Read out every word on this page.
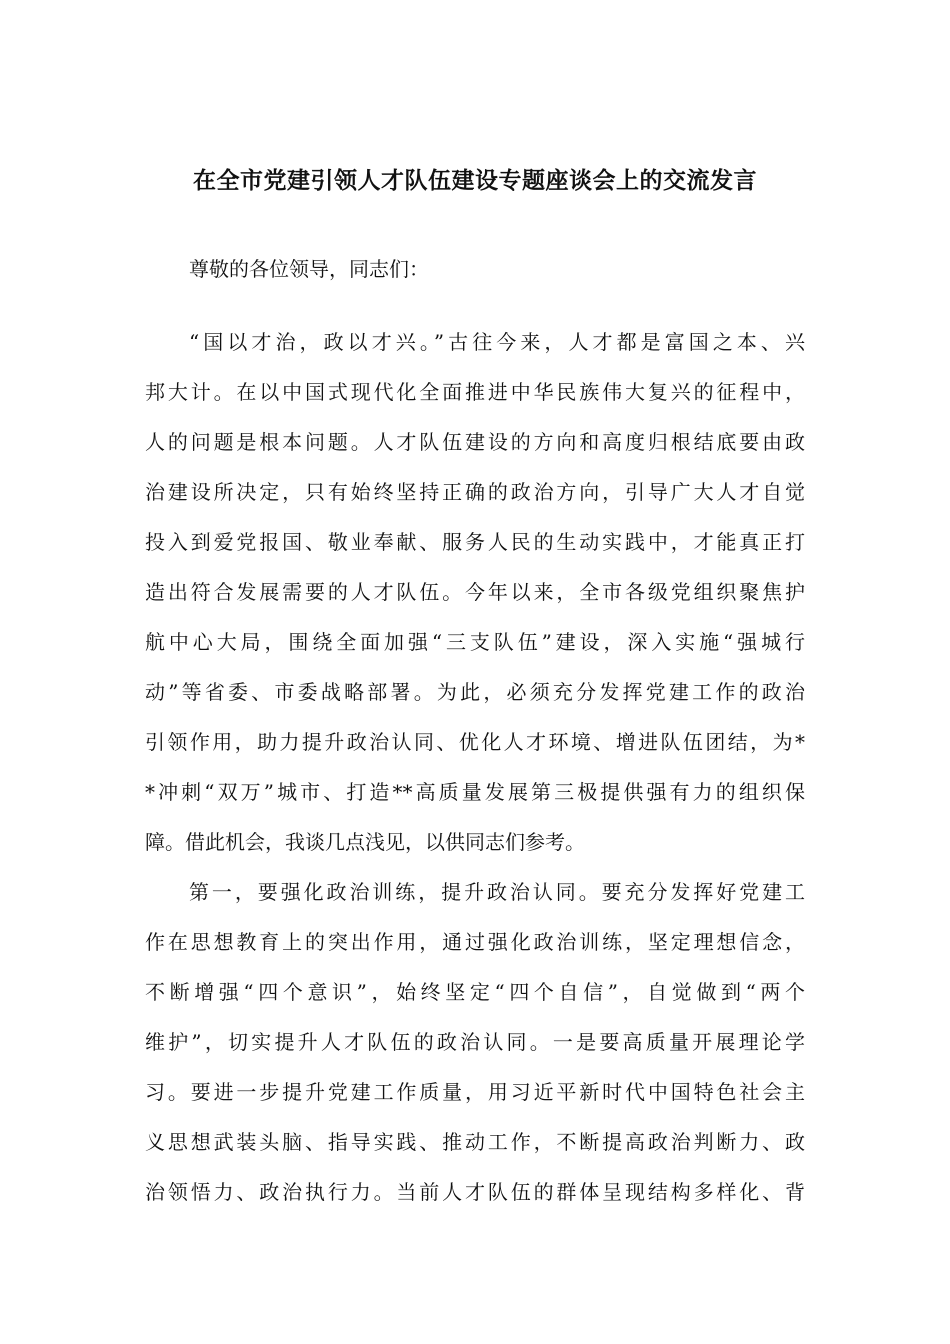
在全市党建引领人才队伍建设专题座谈会上的交流发言
尊敬的各位领导，同志们：
“国以才治，政以才兴。”古往今来，人才都是富国之本、兴
邦大计。在以中国式现代化全面推进中华民族伟大复兴的征程中，
人的问题是根本问题。人才队伍建设的方向和高度归根结底要由政
治建设所决定，只有始终坚持正确的政治方向，引导广大人才自觉
投入到爱党报国、敬业奉献、服务人民的生动实践中，才能真正打
造出符合发展需要的人才队伍。今年以来，全市各级党组织聚焦护
航中心大局，围绕全面加强“三支队伍”建设，深入实施“强城行
动”等省委、市委战略部署。为此，必须充分发挥党建工作的政治
引领作用，助力提升政治认同、优化人才环境、增进队伍团结，为*
*冲刺“双万”城市、打造**高质量发展第三极提供强有力的组织保
障。借此机会，我谈几点浅见，以供同志们参考。
第一，要强化政治训练，提升政治认同。要充分发挥好党建工
作在思想教育上的突出作用，通过强化政治训练，坚定理想信念，
不断增强“四个意识”，始终坚定“四个自信”，自觉做到“两个
维护”，切实提升人才队伍的政治认同。一是要高质量开展理论学
习。要进一步提升党建工作质量，用习近平新时代中国特色社会主
义思想武装头脑、指导实践、推动工作，不断提高政治判断力、政
治领悟力、政治执行力。当前人才队伍的群体呈现结构多样化、背
